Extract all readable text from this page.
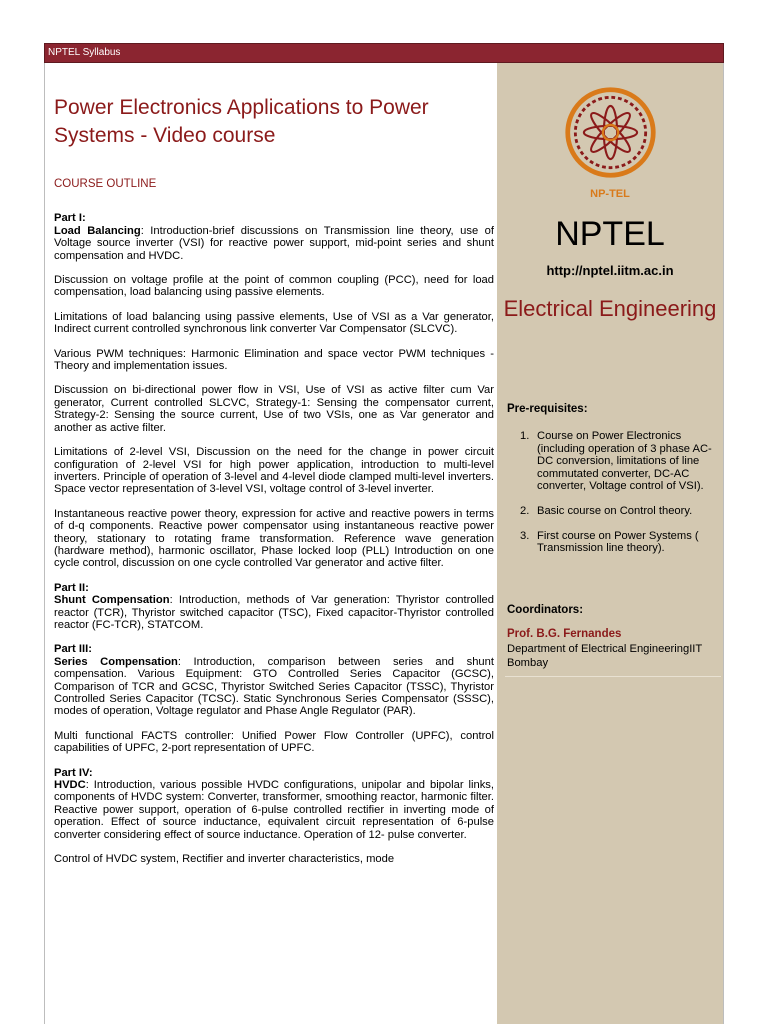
NPTEL Syllabus
Power Electronics Applications to Power Systems - Video course
COURSE OUTLINE

Part I:
Load Balancing: Introduction-brief discussions on Transmission line theory, use of Voltage source inverter (VSI) for reactive power support, mid-point series and shunt compensation and HVDC.

Discussion on voltage profile at the point of common coupling (PCC), need for load compensation, load balancing using passive elements.

Limitations of load balancing using passive elements, Use of VSI as a Var generator, Indirect current controlled synchronous link converter Var Compensator (SLCVC).

Various PWM techniques: Harmonic Elimination and space vector PWM techniques - Theory and implementation issues.

Discussion on bi-directional power flow in VSI, Use of VSI as active filter cum Var generator, Current controlled SLCVC, Strategy-1: Sensing the compensator current, Strategy-2: Sensing the source current, Use of two VSIs, one as Var generator and another as active filter.

Limitations of 2-level VSI, Discussion on the need for the change in power circuit configuration of 2-level VSI for high power application, introduction to multi-level inverters. Principle of operation of 3-level and 4-level diode clamped multi-level inverters. Space vector representation of 3-level VSI, voltage control of 3-level inverter.

Instantaneous reactive power theory, expression for active and reactive powers in terms of d-q components. Reactive power compensator using instantaneous reactive power theory, stationary to rotating frame transformation. Reference wave generation (hardware method), harmonic oscillator, Phase locked loop (PLL) Introduction on one cycle control, discussion on one cycle controlled Var generator and active filter.

Part II:
Shunt Compensation: Introduction, methods of Var generation: Thyristor controlled reactor (TCR), Thyristor switched capacitor (TSC), Fixed capacitor-Thyristor controlled reactor (FC-TCR), STATCOM.

Part III:
Series Compensation: Introduction, comparison between series and shunt compensation. Various Equipment: GTO Controlled Series Capacitor (GCSC), Comparison of TCR and GCSC, Thyristor Switched Series Capacitor (TSSC), Thyristor Controlled Series Capacitor (TCSC). Static Synchronous Series Compensator (SSSC), modes of operation, Voltage regulator and Phase Angle Regulator (PAR).

Multi functional FACTS controller: Unified Power Flow Controller (UPFC), control capabilities of UPFC, 2-port representation of UPFC.

Part IV:
HVDC: Introduction, various possible HVDC configurations, unipolar and bipolar links, components of HVDC system: Converter, transformer, smoothing reactor, harmonic filter. Reactive power support, operation of 6-pulse controlled rectifier in inverting mode of operation. Effect of source inductance, equivalent circuit representation of 6-pulse converter considering effect of source inductance. Operation of 12- pulse converter.

Control of HVDC system, Rectifier and inverter characteristics, mode

NP-TEL
NPTEL
http://nptel.iitm.ac.in
Electrical Engineering
Pre-requisites:
1. Course on Power Electronics (including operation of 3 phase AC-DC conversion, limitations of line commutated converter, DC-AC converter, Voltage control of VSI).
2. Basic course on Control theory.
3. First course on Power Systems ( Transmission line theory).
Coordinators:
Prof. B.G. Fernandes
Department of Electrical EngineeringIIT Bombay
